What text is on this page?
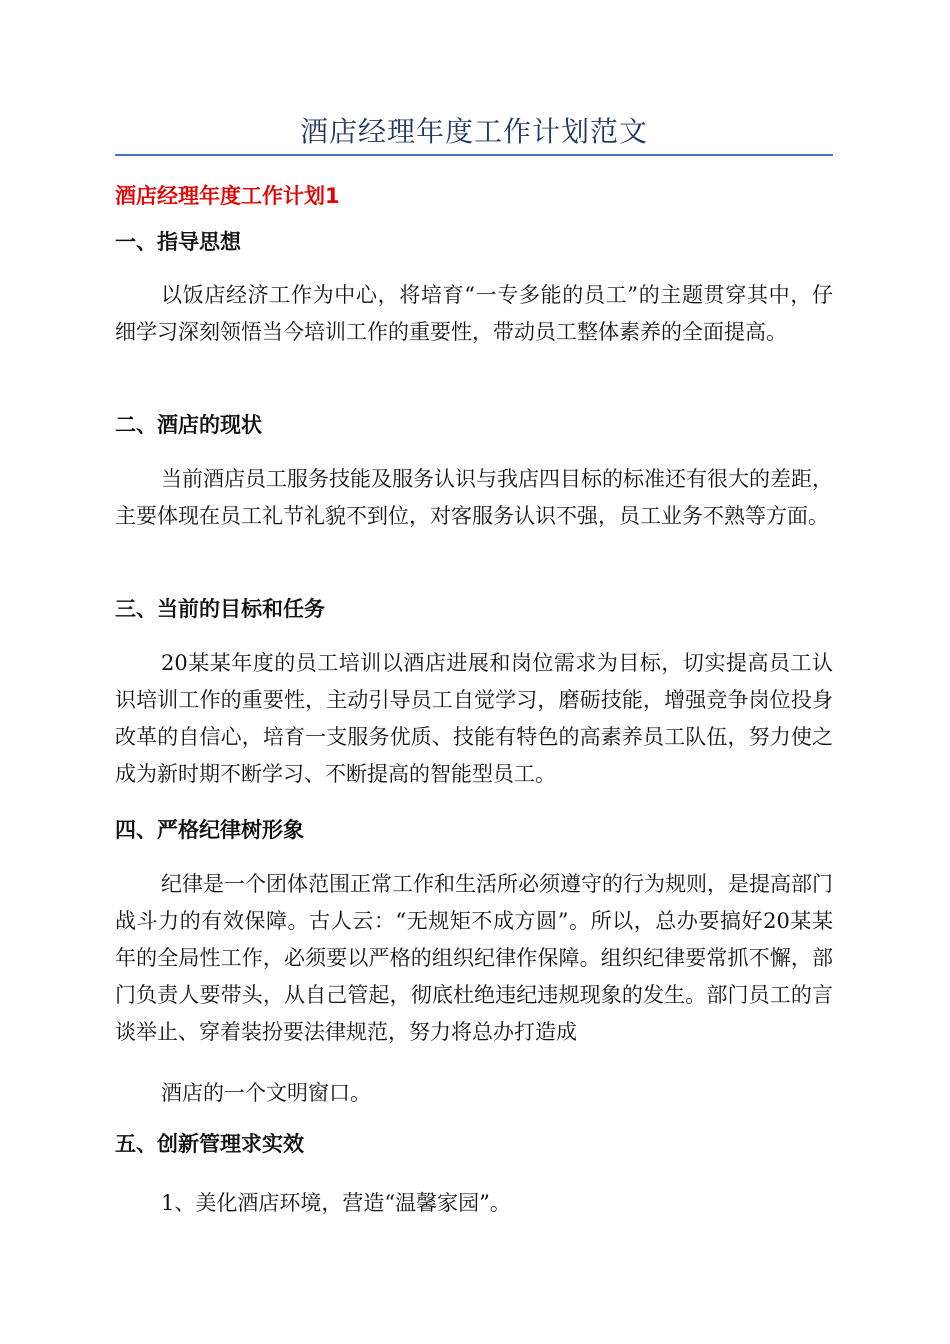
酒店经理年度工作计划范文
酒店经理年度工作计划1
一、指导思想

以饭店经济工作为中心，将培育“一专多能的员工”的主题贯穿其中，仔细学习深刻领悟当今培训工作的重要性，带动员工整体素养的全面提高。

二、酒店的现状

当前酒店员工服务技能及服务认识与我店四目标的标准还有很大的差距，主要体现在员工礼节礼貌不到位，对客服务认识不强，员工业务不熟等方面。

三、当前的目标和任务

20某某年度的员工培训以酒店进展和岗位需求为目标，切实提高员工认识培训工作的重要性，主动引导员工自觉学习，磨砺技能，增强竞争岗位投身改革的自信心，培育一支服务优质、技能有特色的高素养员工队伍，努力使之成为新时期不断学习、不断提高的智能型员工。

四、严格纪律树形象

纪律是一个团体范围正常工作和生活所必须遵守的行为规则，是提高部门战斗力的有效保障。古人云：“无规矩不成方圆”。所以，总办要搞好20某某年的全局性工作，必须要以严格的组织纪律作保障。组织纪律要常抓不懈，部门负责人要带头，从自己管起，彻底杜绝违纪违规现象的发生。部门员工的言谈举止、穿着装扮要法律规范，努力将总办打造成

酒店的一个文明窗口。

五、创新管理求实效

1、美化酒店环境，营造“温馨家园”。
